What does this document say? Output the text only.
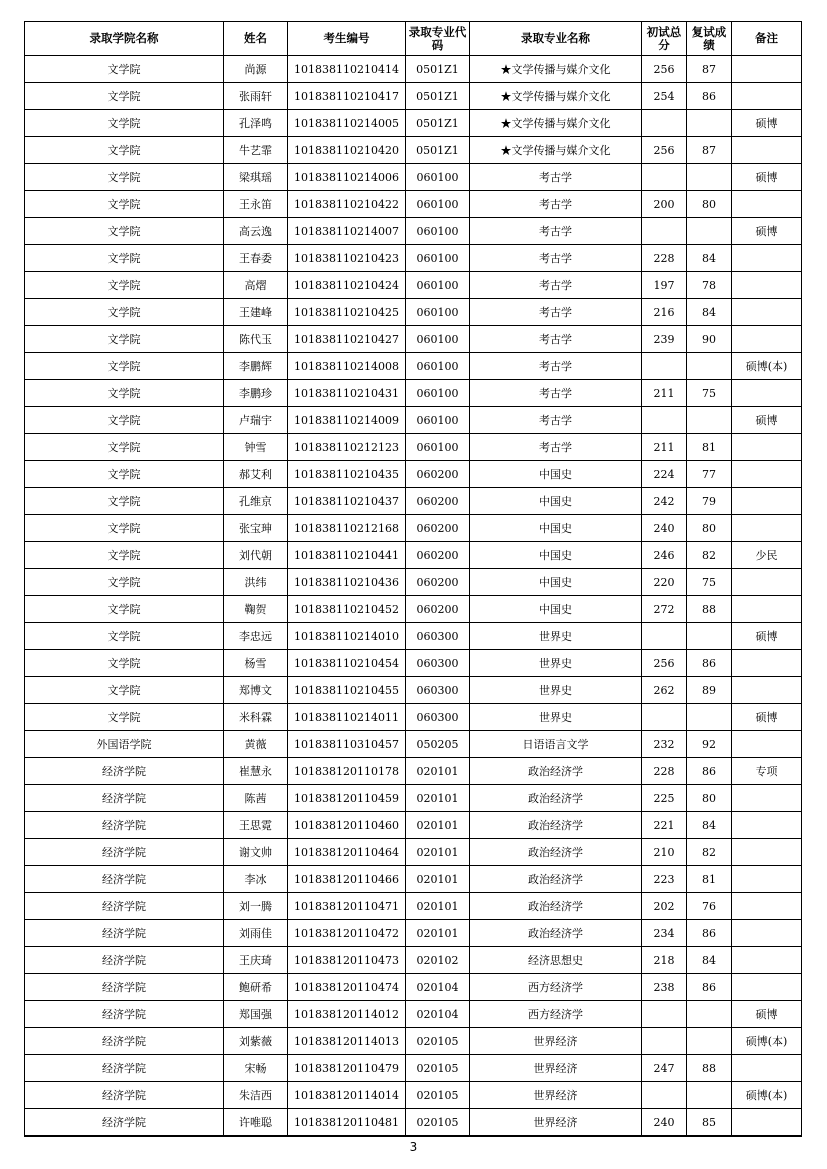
录取学院名称	姓名	考生编号	录取专业代码	录取专业名称	初试总分	复试成绩	备注
文学院	尚源	101838110210414	0501Z1	★文学传播与媒介文化	256	87	
文学院	张雨轩	101838110210417	0501Z1	★文学传播与媒介文化	254	86	
文学院	孔泽鸣	101838110214005	0501Z1	★文学传播与媒介文化			硕博
文学院	牛艺霏	101838110210420	0501Z1	★文学传播与媒介文化	256	87	
文学院	梁琪瑶	101838110214006	060100	考古学			硕博
文学院	王永笛	101838110210422	060100	考古学	200	80	
文学院	高云逸	101838110214007	060100	考古学			硕博
文学院	王春委	101838110210423	060100	考古学	228	84	
文学院	高熠	101838110210424	060100	考古学	197	78	
文学院	王建峰	101838110210425	060100	考古学	216	84	
文学院	陈代玉	101838110210427	060100	考古学	239	90	
文学院	李鹏辉	101838110214008	060100	考古学			硕博(本)
文学院	李鹏珍	101838110210431	060100	考古学	211	75	
文学院	卢瑞宇	101838110214009	060100	考古学			硕博
文学院	钟雪	101838110212123	060100	考古学	211	81	
文学院	郝艾利	101838110210435	060200	中国史	224	77	
文学院	孔维京	101838110210437	060200	中国史	242	79	
文学院	张宝珅	101838110212168	060200	中国史	240	80	
文学院	刘代朝	101838110210441	060200	中国史	246	82	少民
文学院	洪纬	101838110210436	060200	中国史	220	75	
文学院	鞠贺	101838110210452	060200	中国史	272	88	
文学院	李忠远	101838110214010	060300	世界史			硕博
文学院	杨雪	101838110210454	060300	世界史	256	86	
文学院	郑博文	101838110210455	060300	世界史	262	89	
文学院	米科霖	101838110214011	060300	世界史			硕博
外国语学院	黄薇	101838110310457	050205	日语语言文学	232	92	
经济学院	崔慧永	101838120110178	020101	政治经济学	228	86	专项
经济学院	陈茜	101838120110459	020101	政治经济学	225	80	
经济学院	王思霓	101838120110460	020101	政治经济学	221	84	
经济学院	谢文帅	101838120110464	020101	政治经济学	210	82	
经济学院	李冰	101838120110466	020101	政治经济学	223	81	
经济学院	刘一腾	101838120110471	020101	政治经济学	202	76	
经济学院	刘雨佳	101838120110472	020101	政治经济学	234	86	
经济学院	王庆琦	101838120110473	020102	经济思想史	218	84	
经济学院	鲍研希	101838120110474	020104	西方经济学	238	86	
经济学院	郑国强	101838120114012	020104	西方经济学			硕博
经济学院	刘紫薇	101838120114013	020105	世界经济			硕博(本)
经济学院	宋畅	101838120110479	020105	世界经济	247	88	
经济学院	朱洁西	101838120114014	020105	世界经济			硕博(本)
经济学院	许唯聪	101838120110481	020105	世界经济	240	85	
3
